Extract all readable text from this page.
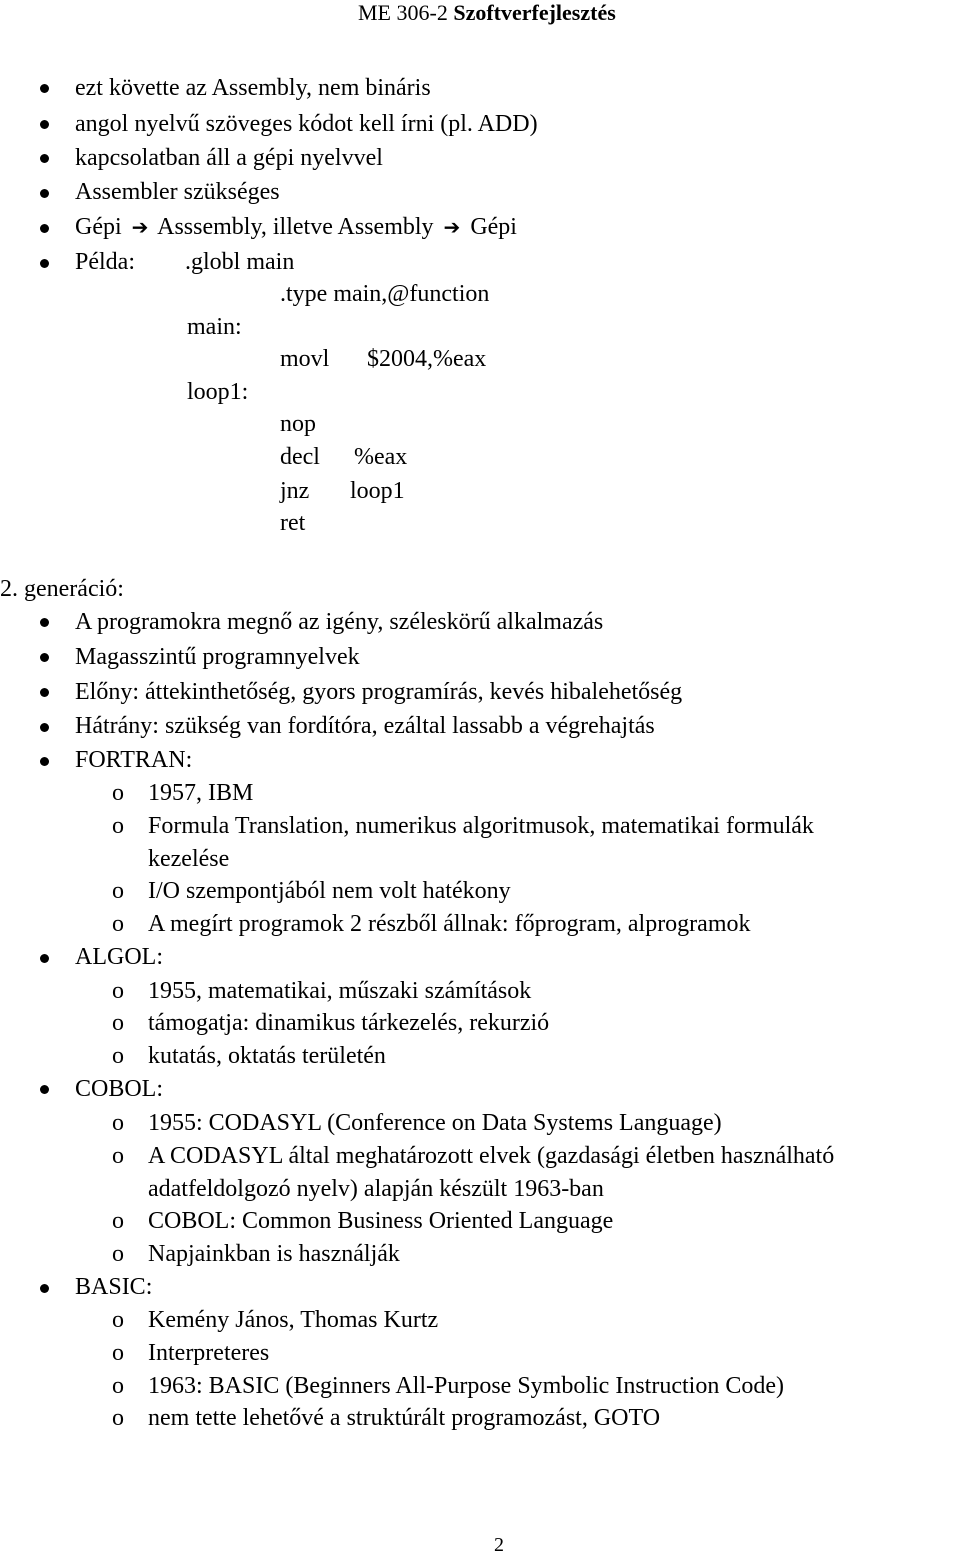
ME 306-2 Szoftverfejlesztés
ezt követte az Assembly, nem bináris
angol nyelvű szöveges kódot kell írni (pl. ADD)
kapcsolatban áll a gépi nyelvvel
Assembler szükséges
Gépi ➔ Asssembly, illetve Assembly ➔ Gépi
Példa: .globl main
.type main,@function
main:
movl $2004,%eax
loop1:
nop
decl %eax
jnz loop1
ret
2. generáció:
A programokra megnő az igény, széleskörű alkalmazás
Magasszintű programnyelvek
Előny: áttekinthetőség, gyors programírás, kevés hibalehetőség
Hátrány: szükség van fordítóra, ezáltal lassabb a végrehajtás
FORTRAN:
o 1957, IBM
o Formula Translation, numerikus algoritmusok, matematikai formulák
kezelése
o I/O szempontjából nem volt hatékony
o A megírt programok 2 részből állnak: főprogram, alprogramok
ALGOL:
o 1955, matematikai, műszaki számítások
o támogatja: dinamikus tárkezelés, rekurzió
o kutatás, oktatás területén
COBOL:
o 1955: CODASYL (Conference on Data Systems Language)
o A CODASYL által meghatározott elvek (gazdasági életben használható
adatfeldolgozó nyelv) alapján készült 1963-ban
o COBOL: Common Business Oriented Language
o Napjainkban is használják
BASIC:
o Kemény János, Thomas Kurtz
o Interpreteres
o 1963: BASIC (Beginners All-Purpose Symbolic Instruction Code)
o nem tette lehetővé a struktúrált programozást, GOTO
2
